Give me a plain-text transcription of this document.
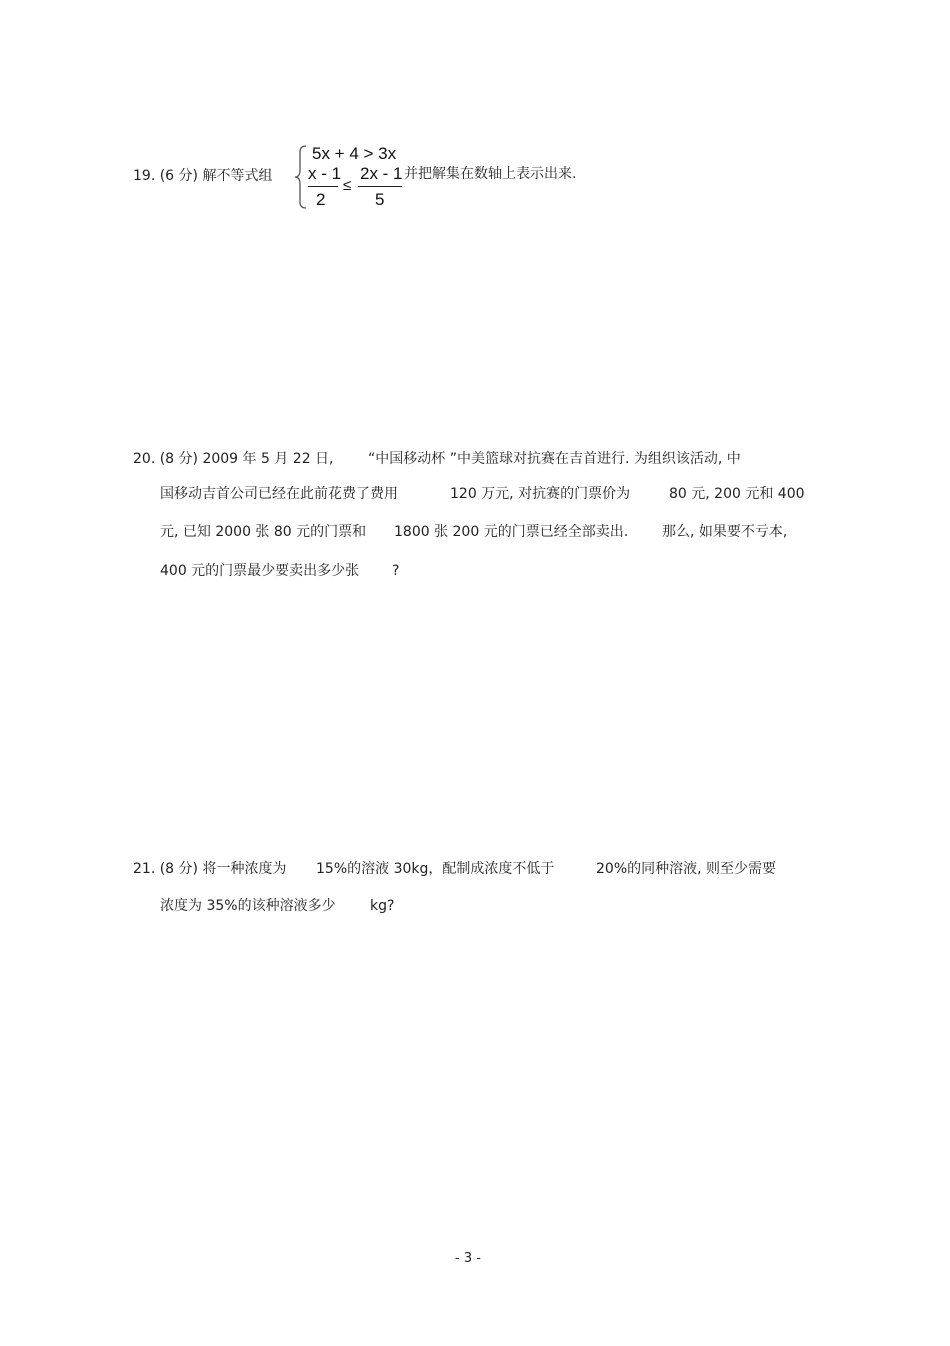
19. (6 分) 解不等式组
5x + 4 > 3x
x - 1
2
≤
2x - 1
5
并把解集在数轴上表示出来.
20. (8 分) 2009 年 5 月 22 日, “中国移动杯 ”中美篮球对抗赛在吉首进行. 为组织该活动, 中
国移动吉首公司已经在此前花费了费用	120 万元, 对抗赛的门票价为	80 元, 200 元和 400
元, 已知 2000 张 80 元的门票和 1800 张 200 元的门票已经全部卖出. 那么, 如果要不亏本,
400 元的门票最少要卖出多少张 ?
21. (8 分) 将一种浓度为 15%的溶液 30kg，配制成浓度不低于	20%的同种溶液, 则至少需要
浓度为 35%的该种溶液多少 kg?
- 3 -
